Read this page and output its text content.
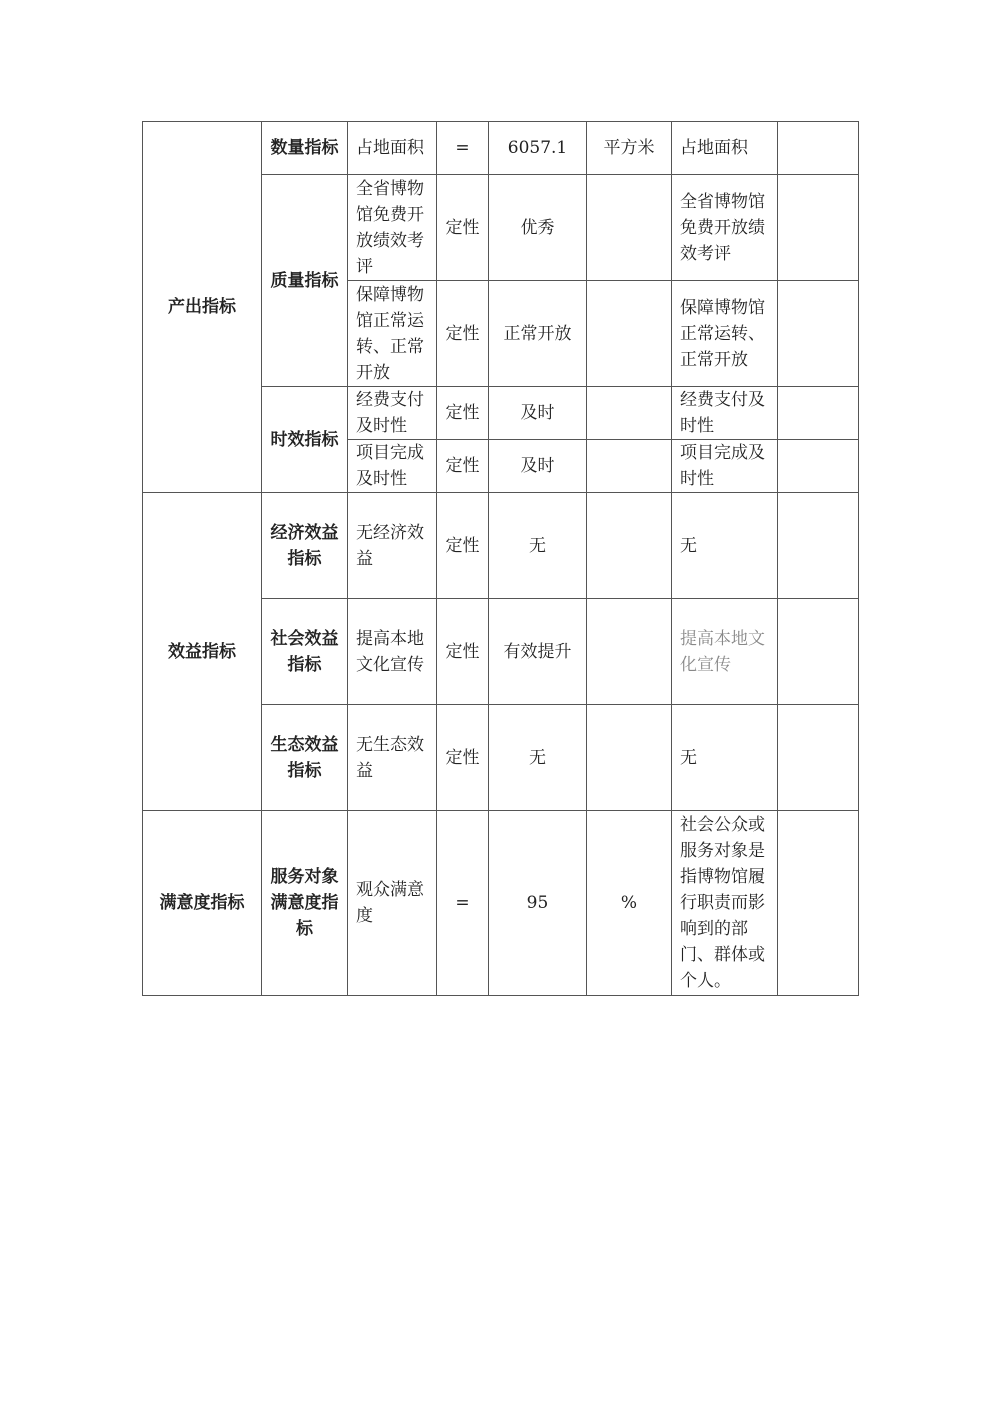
产出指标	数量指标	占地面积	=	6057.1	平方米	占地面积	
	质量指标	全省博物馆免费开放绩效考评	定性	优秀		全省博物馆免费开放绩效考评	
		保障博物馆正常运转、正常开放	定性	正常开放		保障博物馆正常运转、正常开放	
	时效指标	经费支付及时性	定性	及时		经费支付及时性	
		项目完成及时性	定性	及时		项目完成及时性	
效益指标	经济效益指标	无经济效益	定性	无		无	
	社会效益指标	提高本地文化宣传	定性	有效提升		提高本地文化宣传	
	生态效益指标	无生态效益	定性	无		无	
满意度指标	服务对象满意度指标	观众满意度	=	95	%	社会公众或服务对象是指博物馆履行职责而影响到的部门、群体或个人。	
